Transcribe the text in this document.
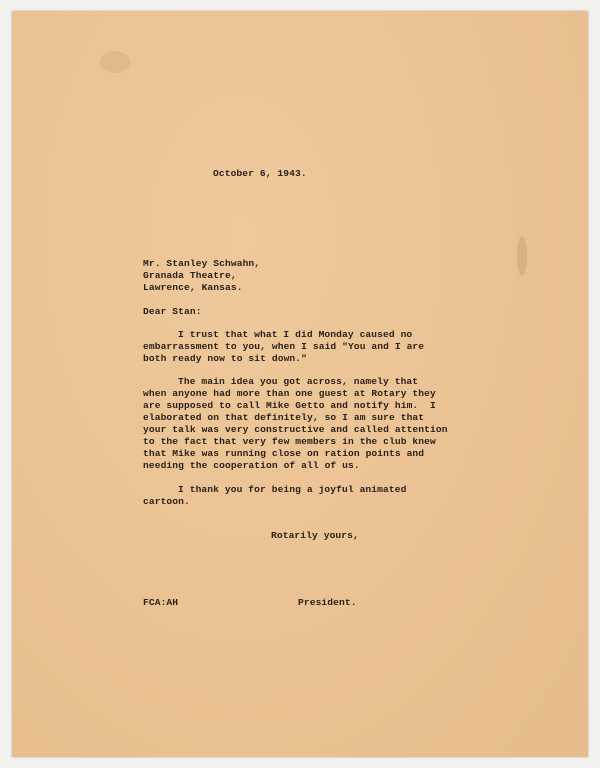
October 6, 1943.
Mr. Stanley Schwahn,
Granada Theatre,
Lawrence, Kansas.
Dear Stan:
I trust that what I did Monday caused no
embarrassment to you, when I said "You and I are
both ready now to sit down."
The main idea you got across, namely that
when anyone had more than one guest at Rotary they
are supposed to call Mike Getto and notify him.  I
elaborated on that definitely, so I am sure that
your talk was very constructive and called attention
to the fact that very few members in the club knew
that Mike was running close on ration points and
needing the cooperation of all of us.
I thank you for being a joyful animated
cartoon.
Rotarily yours,
FCA:AH	President.
